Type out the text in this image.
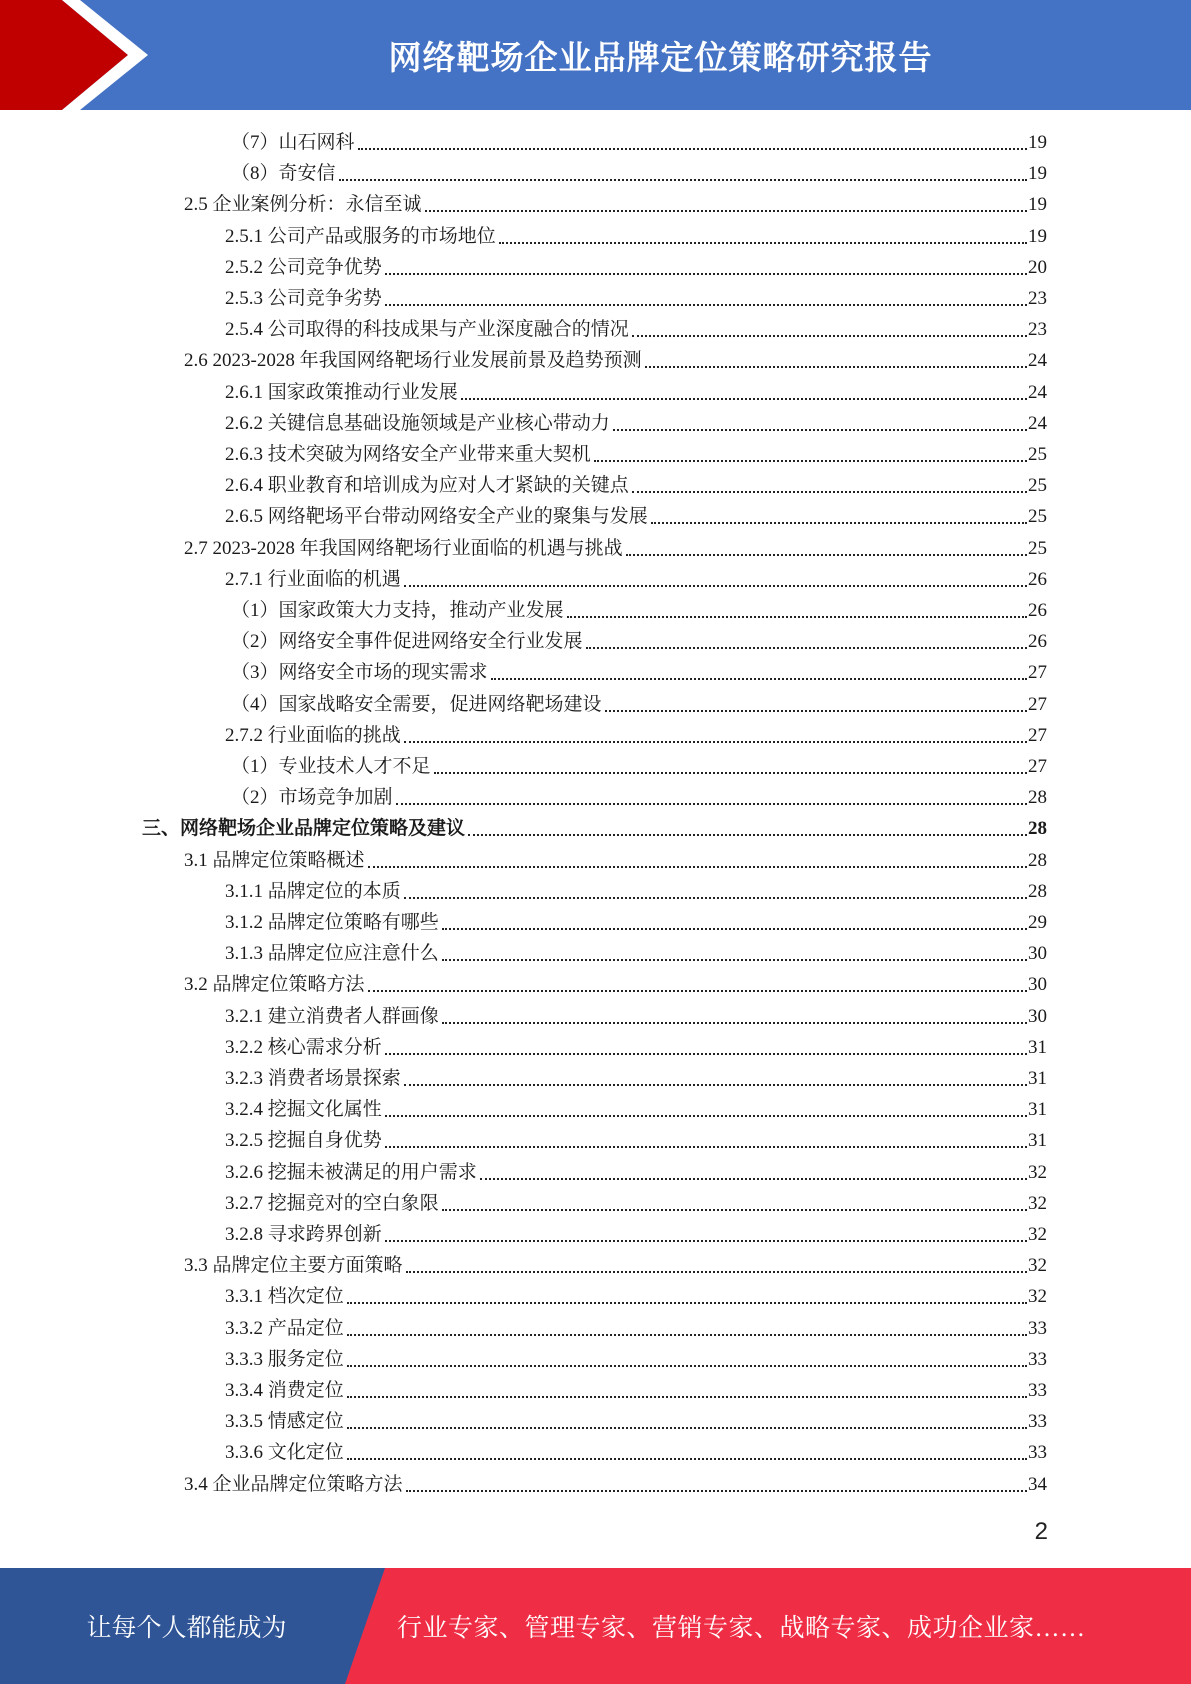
网络靶场企业品牌定位策略研究报告
（7）山石网科	19
（8）奇安信	19
2.5 企业案例分析：永信至诚	19
2.5.1 公司产品或服务的市场地位	19
2.5.2 公司竞争优势	20
2.5.3 公司竞争劣势	23
2.5.4 公司取得的科技成果与产业深度融合的情况	23
2.6 2023-2028 年我国网络靶场行业发展前景及趋势预测	24
2.6.1 国家政策推动行业发展	24
2.6.2 关键信息基础设施领域是产业核心带动力	24
2.6.3 技术突破为网络安全产业带来重大契机	25
2.6.4 职业教育和培训成为应对人才紧缺的关键点	25
2.6.5 网络靶场平台带动网络安全产业的聚集与发展	25
2.7 2023-2028 年我国网络靶场行业面临的机遇与挑战	25
2.7.1 行业面临的机遇	26
（1）国家政策大力支持，推动产业发展	26
（2）网络安全事件促进网络安全行业发展	26
（3）网络安全市场的现实需求	27
（4）国家战略安全需要，促进网络靶场建设	27
2.7.2 行业面临的挑战	27
（1）专业技术人才不足	27
（2）市场竞争加剧	28
三、网络靶场企业品牌定位策略及建议	28
3.1 品牌定位策略概述	28
3.1.1 品牌定位的本质	28
3.1.2 品牌定位策略有哪些	29
3.1.3 品牌定位应注意什么	30
3.2 品牌定位策略方法	30
3.2.1 建立消费者人群画像	30
3.2.2 核心需求分析	31
3.2.3 消费者场景探索	31
3.2.4 挖掘文化属性	31
3.2.5 挖掘自身优势	31
3.2.6 挖掘未被满足的用户需求	32
3.2.7 挖掘竞对的空白象限	32
3.2.8 寻求跨界创新	32
3.3 品牌定位主要方面策略	32
3.3.1 档次定位	32
3.3.2 产品定位	33
3.3.3 服务定位	33
3.3.4 消费定位	33
3.3.5 情感定位	33
3.3.6 文化定位	33
3.4 企业品牌定位策略方法	34
2
让每个人都能成为	行业专家、管理专家、营销专家、战略专家、成功企业家……
